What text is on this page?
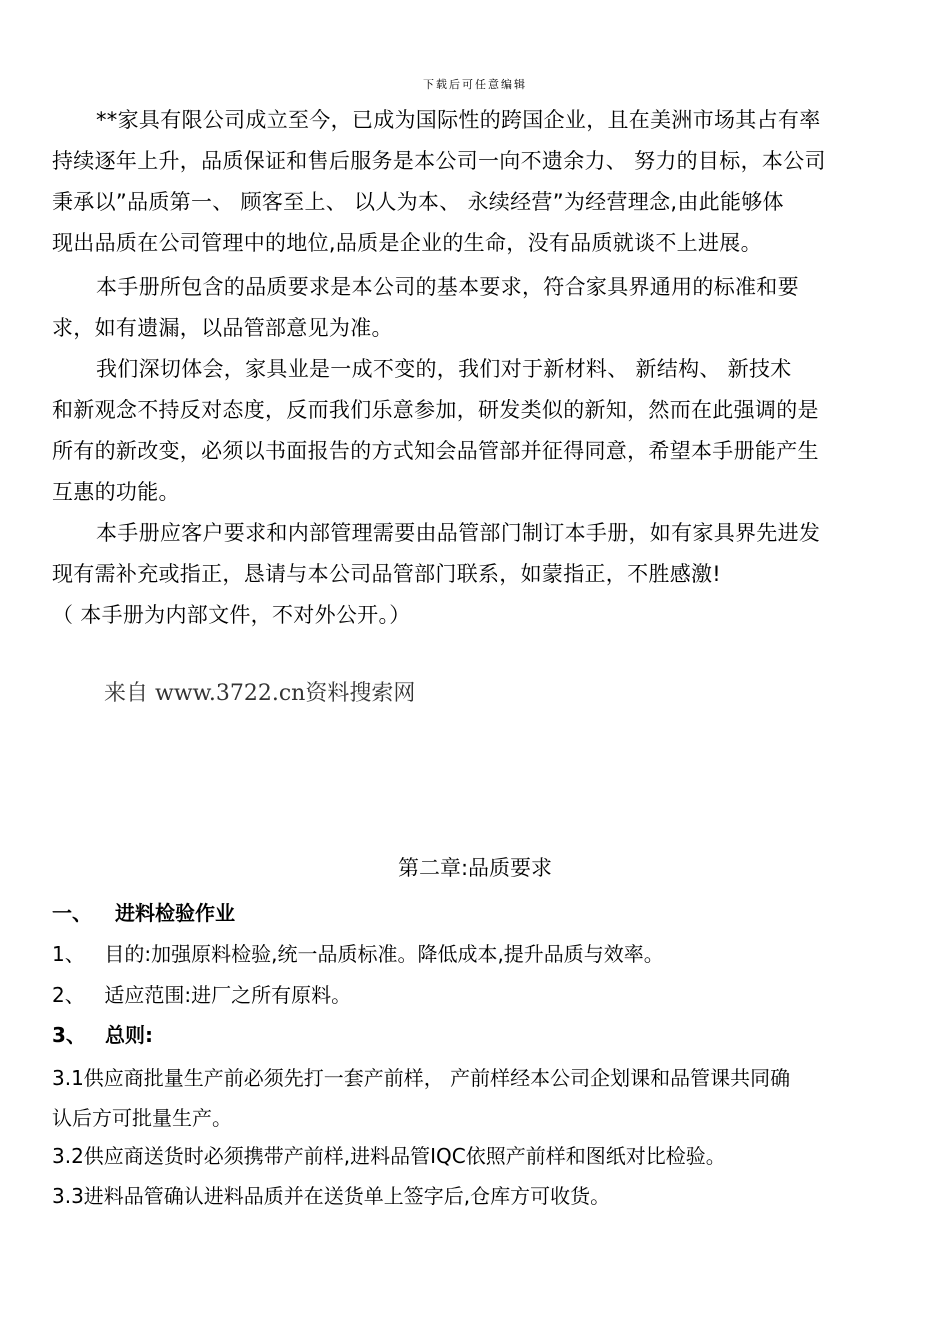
下载后可任意编辑
**家具有限公司成立至今，已成为国际性的跨国企业，且在美洲市场其占有率
持续逐年上升，品质保证和售后服务是本公司一向不遗余力、 努力的目标，本公司
秉承以”品质第一、 顾客至上、 以人为本、 永续经营”为经营理念,由此能够体
现出品质在公司管理中的地位,品质是企业的生命，没有品质就谈不上进展。
本手册所包含的品质要求是本公司的基本要求，符合家具界通用的标准和要
求，如有遗漏，以品管部意见为准。
我们深切体会，家具业是一成不变的，我们对于新材料、 新结构、 新技术
和新观念不持反对态度，反而我们乐意参加，研发类似的新知，然而在此强调的是
所有的新改变，必须以书面报告的方式知会品管部并征得同意，希望本手册能产生
互惠的功能。
本手册应客户要求和内部管理需要由品管部门制订本手册，如有家具界先进发
现有需补充或指正，恳请与本公司品管部门联系，如蒙指正，不胜感激!
（ 本手册为内部文件，不对外公开。）
来自 www.3722.cn资料搜索网
第二章:品质要求
一、 进料检验作业
1、 目的:加强原料检验,统一品质标准。降低成本,提升品质与效率。
2、 适应范围:进厂之所有原料。
3、 总则:
3.1供应商批量生产前必须先打一套产前样， 产前样经本公司企划课和品管课共同确
认后方可批量生产。
3.2供应商送货时必须携带产前样,进料品管IQC依照产前样和图纸对比检验。
3.3进料品管确认进料品质并在送货单上签字后,仓库方可收货。
